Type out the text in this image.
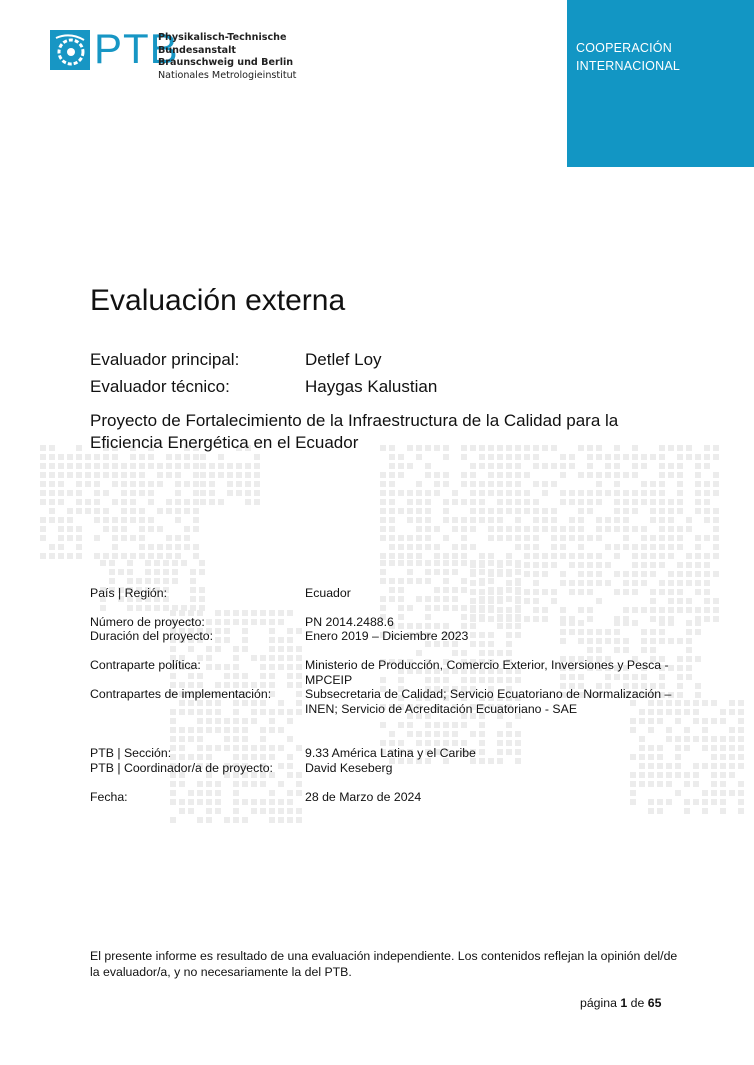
PTB
Physikalisch-Technische Bundesanstalt
Braunschweig und Berlin
Nationales Metrologieinstitut
COOPERACIÓN
INTERNACIONAL
Evaluación externa
Evaluador principal:	Detlef Loy
Evaluador técnico:	Haygas Kalustian
Proyecto de Fortalecimiento de la Infraestructura de la Calidad para la Eficiencia Energética en el Ecuador
País | Región:	Ecuador
Número de proyecto:	PN 2014.2488.6
Duración del proyecto:	Enero 2019 – Diciembre 2023
Contraparte política:	Ministerio de Producción, Comercio Exterior, Inversiones y Pesca - MPCEIP
Contrapartes de implementación:	Subsecretaria de Calidad; Servicio Ecuatoriano de Normalización – INEN; Servicio de Acreditación Ecuatoriano - SAE
PTB | Sección:	9.33 América Latina y el Caribe
PTB | Coordinador/a de proyecto:	David Keseberg
Fecha:	28 de Marzo de 2024
El presente informe es resultado de una evaluación independiente. Los contenidos reflejan la opinión del/de la evaluador/a, y no necesariamente la del PTB.
página 1 de 65
